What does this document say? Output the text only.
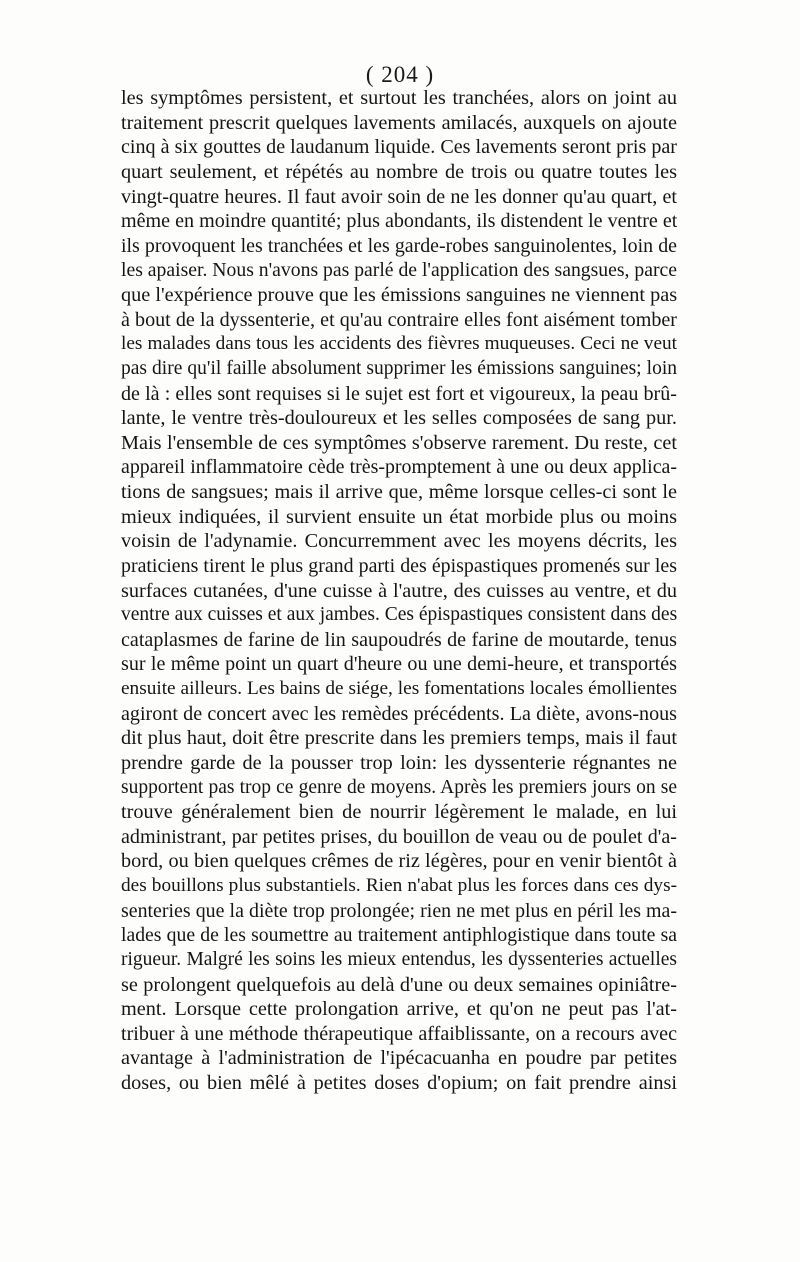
( 204 )
les symptômes persistent, et surtout les tranchées, alors on joint au
traitement prescrit quelques lavements amilacés, auxquels on ajoute
cinq à six gouttes de laudanum liquide. Ces lavements seront pris par
quart seulement, et répétés au nombre de trois ou quatre toutes les
vingt-quatre heures. Il faut avoir soin de ne les donner qu'au quart, et
même en moindre quantité; plus abondants, ils distendent le ventre et
ils provoquent les tranchées et les garde-robes sanguinolentes, loin de
les apaiser. Nous n'avons pas parlé de l'application des sangsues, parce
que l'expérience prouve que les émissions sanguines ne viennent pas
à bout de la dyssenterie, et qu'au contraire elles font aisément tomber
les malades dans tous les accidents des fièvres muqueuses. Ceci ne veut
pas dire qu'il faille absolument supprimer les émissions sanguines; loin
de là : elles sont requises si le sujet est fort et vigoureux, la peau brû-
lante, le ventre très-douloureux et les selles composées de sang pur.
Mais l'ensemble de ces symptômes s'observe rarement. Du reste, cet
appareil inflammatoire cède très-promptement à une ou deux applica-
tions de sangsues; mais il arrive que, même lorsque celles-ci sont le
mieux indiquées, il survient ensuite un état morbide plus ou moins
voisin de l'adynamie. Concurremment avec les moyens décrits, les
praticiens tirent le plus grand parti des épispastiques promenés sur les
surfaces cutanées, d'une cuisse à l'autre, des cuisses au ventre, et du
ventre aux cuisses et aux jambes. Ces épispastiques consistent dans des
cataplasmes de farine de lin saupoudrés de farine de moutarde, tenus
sur le même point un quart d'heure ou une demi-heure, et transportés
ensuite ailleurs. Les bains de siége, les fomentations locales émollientes
agiront de concert avec les remèdes précédents. La diète, avons-nous
dit plus haut, doit être prescrite dans les premiers temps, mais il faut
prendre garde de la pousser trop loin: les dyssenterie régnantes ne
supportent pas trop ce genre de moyens. Après les premiers jours on se
trouve généralement bien de nourrir légèrement le malade, en lui
administrant, par petites prises, du bouillon de veau ou de poulet d'a-
bord, ou bien quelques crêmes de riz légères, pour en venir bientôt à
des bouillons plus substantiels. Rien n'abat plus les forces dans ces dys-
senteries que la diète trop prolongée; rien ne met plus en péril les ma-
lades que de les soumettre au traitement antiphlogistique dans toute sa
rigueur. Malgré les soins les mieux entendus, les dyssenteries actuelles
se prolongent quelquefois au delà d'une ou deux semaines opiniâtre-
ment. Lorsque cette prolongation arrive, et qu'on ne peut pas l'at-
tribuer à une méthode thérapeutique affaiblissante, on a recours avec
avantage à l'administration de l'ipécacuanha en poudre par petites
doses, ou bien mêlé à petites doses d'opium; on fait prendre ainsi
